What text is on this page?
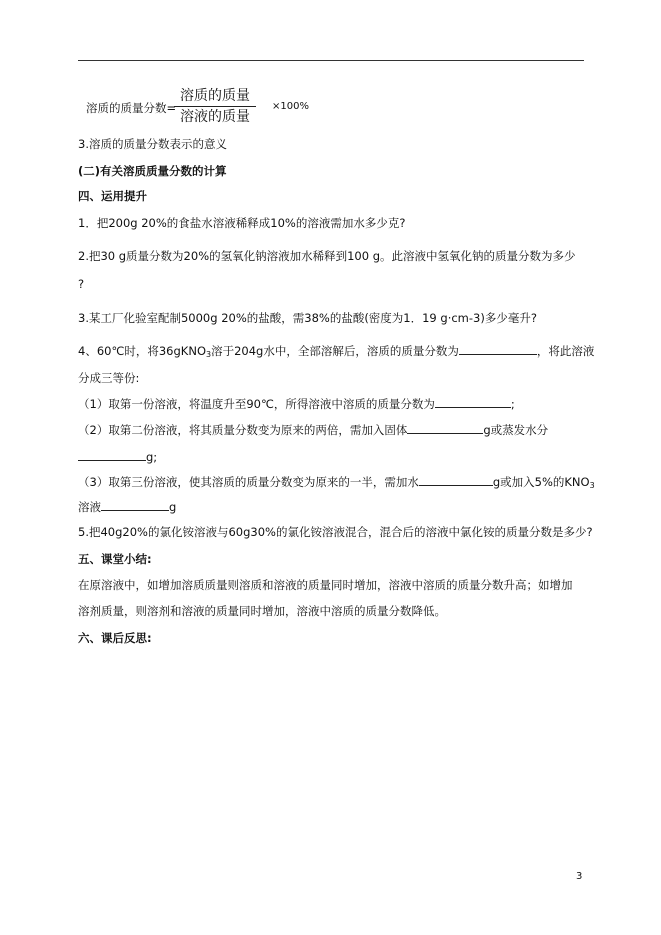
溶质的质量分数=
溶质的质量
溶液的质量
×100%
3.溶质的质量分数表示的意义
(二)有关溶质质量分数的计算
四、运用提升
1．把200g 20%的食盐水溶液稀释成10%的溶液需加水多少克?
2.把30 g质量分数为20%的氢氧化钠溶液加水稀释到100 g。此溶液中氢氧化钠的质量分数为多少
?
3.某工厂化验室配制5000g 20%的盐酸，需38%的盐酸(密度为1．19 g·cm-3)多少毫升?
4、60℃时，将36gKNO$_3$溶于204g水中，全部溶解后，溶质的质量分数为	，将此溶液
分成三等份:
（1）取第一份溶液，将温度升至90℃，所得溶液中溶质的质量分数为	;
（2）取第二份溶液，将其质量分数变为原来的两倍，需加入固体	g或蒸发水分
g;
（3）取第三份溶液，使其溶质的质量分数变为原来的一半，需加水	g或加入5%的$KNO_3$
溶液	g
5.把40g20%的氯化铵溶液与60g30%的氯化铵溶液混合，混合后的溶液中氯化铵的质量分数是多少?
五、课堂小结:
在原溶液中，如增加溶质质量则溶质和溶液的质量同时增加，溶液中溶质的质量分数升高；如增加
溶剂质量，则溶剂和溶液的质量同时增加，溶液中溶质的质量分数降低。
六、课后反思:
3
